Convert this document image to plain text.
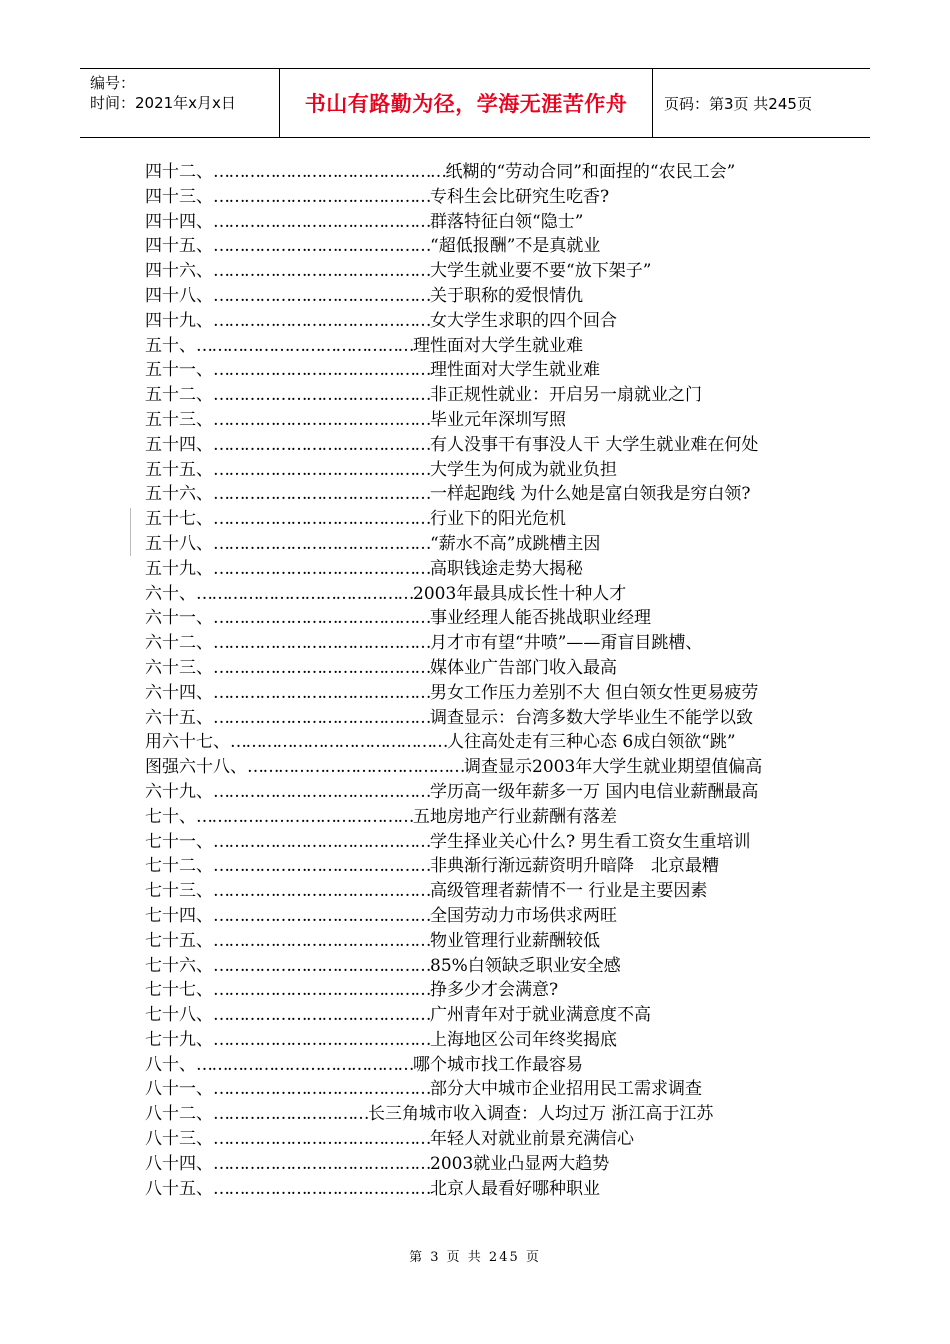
编号：
时间：2021年x月x日	书山有路勤为径，学海无涯苦作舟	页码：第3页 共245页
四十二、………………………………………纸糊的“劳动合同”和面捏的“农民工会”
四十三、……………………………………专科生会比研究生吃香?
四十四、……………………………………群落特征白领“隐士”
四十五、……………………………………“超低报酬”不是真就业
四十六、……………………………………大学生就业要不要“放下架子”
四十八、……………………………………关于职称的爱恨情仇
四十九、……………………………………女大学生求职的四个回合
五十、……………………………………理性面对大学生就业难
五十一、……………………………………理性面对大学生就业难
五十二、……………………………………非正规性就业：开启另一扇就业之门
五十三、……………………………………毕业元年深圳写照
五十四、……………………………………有人没事干有事没人干 大学生就业难在何处
五十五、……………………………………大学生为何成为就业负担
五十六、……………………………………一样起跑线 为什么她是富白领我是穷白领?
五十七、……………………………………行业下的阳光危机
五十八、……………………………………“薪水不高”成跳槽主因
五十九、……………………………………高职钱途走势大揭秘
六十、……………………………………2003年最具成长性十种人才
六十一、……………………………………事业经理人能否挑战职业经理
六十二、……………………………………月才市有望“井喷”——甭盲目跳槽、
六十三、……………………………………媒体业广告部门收入最高
六十四、……………………………………男女工作压力差别不大 但白领女性更易疲劳
六十五、……………………………………调查显示：台湾多数大学毕业生不能学以致
用六十七、……………………………………人往高处走有三种心态 6成白领欲“跳”
图强六十八、……………………………………调查显示2003年大学生就业期望值偏高
六十九、……………………………………学历高一级年薪多一万 国内电信业薪酬最高
七十、……………………………………五地房地产行业薪酬有落差
七十一、……………………………………学生择业关心什么? 男生看工资女生重培训
七十二、……………………………………非典渐行渐远薪资明升暗降　北京最糟
七十三、……………………………………高级管理者薪情不一 行业是主要因素
七十四、……………………………………全国劳动力市场供求两旺
七十五、……………………………………物业管理行业薪酬较低
七十六、……………………………………85%白领缺乏职业安全感
七十七、……………………………………挣多少才会满意?
七十八、……………………………………广州青年对于就业满意度不高
七十九、……………………………………上海地区公司年终奖揭底
八十、……………………………………哪个城市找工作最容易
八十一、……………………………………部分大中城市企业招用民工需求调查
八十二、…………………………长三角城市收入调查：人均过万 浙江高于江苏
八十三、……………………………………年轻人对就业前景充满信心
八十四、……………………………………2003就业凸显两大趋势
八十五、……………………………………北京人最看好哪种职业
第 3 页 共 245 页
